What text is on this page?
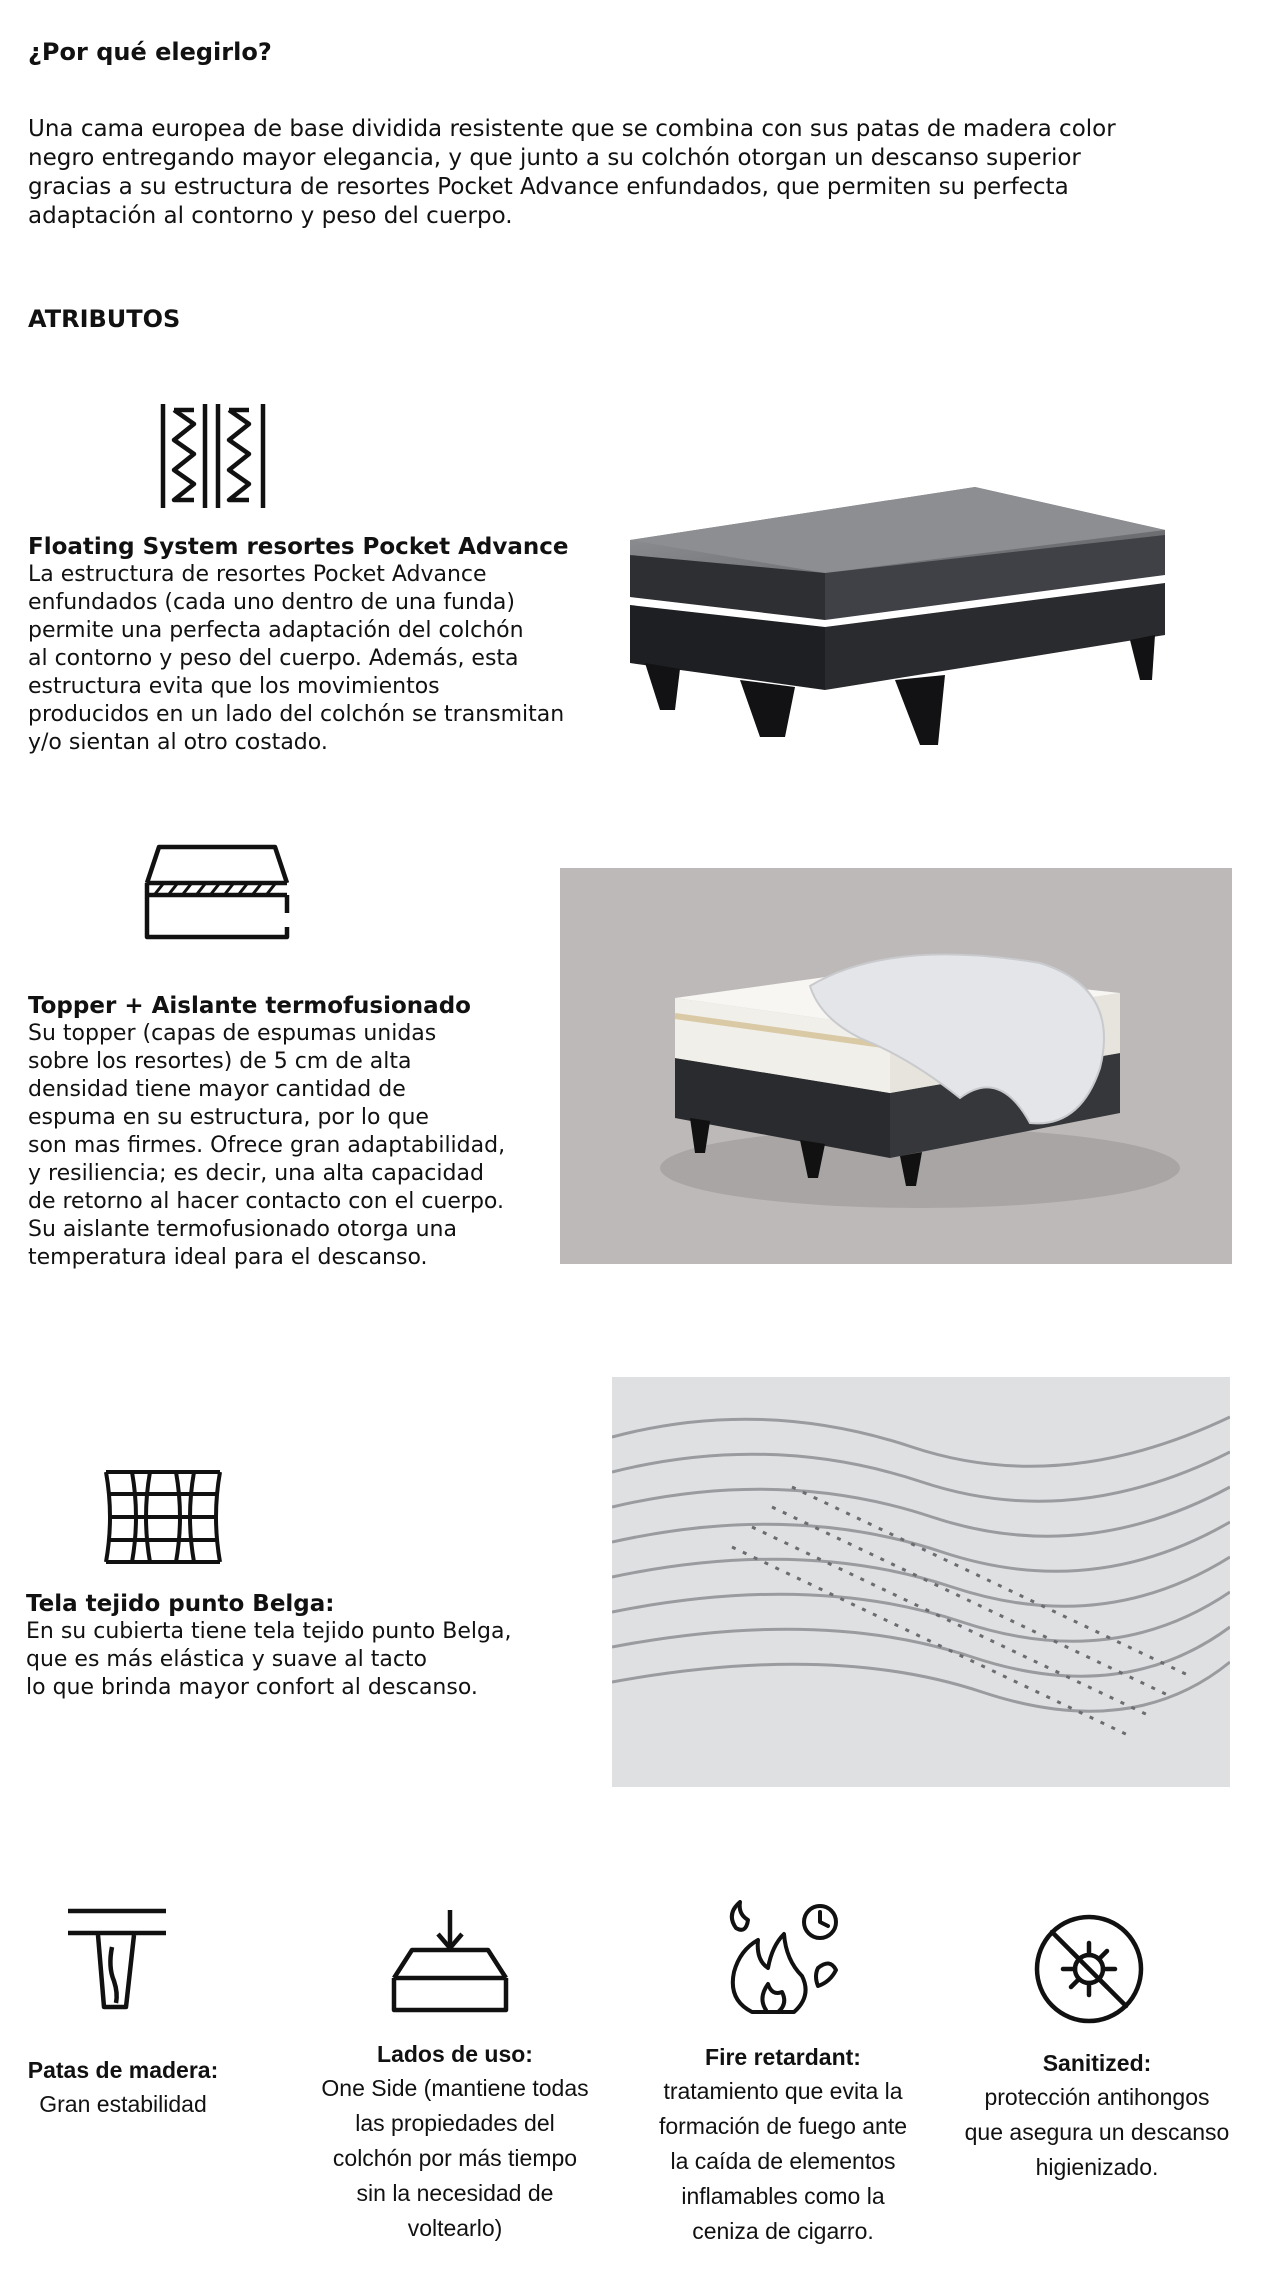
¿Por qué elegirlo?

Una cama europea de base dividida resistente que se combina con sus patas de madera color negro entregando mayor elegancia, y que junto a su colchón otorgan un descanso superior gracias a su estructura de resortes Pocket Advance enfundados, que permiten su perfecta adaptación al contorno y peso del cuerpo.

ATRIBUTOS
Floating System resortes Pocket Advance
La estructura de resortes Pocket Advance
enfundados (cada uno dentro de una funda)
permite una perfecta adaptación del colchón
al contorno y peso del cuerpo. Además, esta
estructura evita que los movimientos
producidos en un lado del colchón se transmitan
y/o sientan al otro costado.
Topper + Aislante termofusionado
Su topper (capas de espumas unidas
sobre los resortes) de 5 cm de alta
densidad tiene mayor cantidad de
espuma en su estructura, por lo que
son mas firmes. Ofrece gran adaptabilidad,
y resiliencia; es decir, una alta capacidad
de retorno al hacer contacto con el cuerpo.
Su aislante termofusionado otorga una
temperatura ideal para el descanso.
Tela tejido punto Belga:
En su cubierta tiene tela tejido punto Belga,
que es más elástica y suave al tacto
lo que brinda mayor confort al descanso.
Patas de madera:
Gran estabilidad
Lados de uso:
One Side (mantiene todas
las propiedades del
colchón por más tiempo
sin la necesidad de
voltearlo)
Fire retardant:
tratamiento que evita la
formación de fuego ante
la caída de elementos
inflamables como la
ceniza de cigarro.
Sanitized:
protección antihongos
que asegura un descanso
higienizado.
